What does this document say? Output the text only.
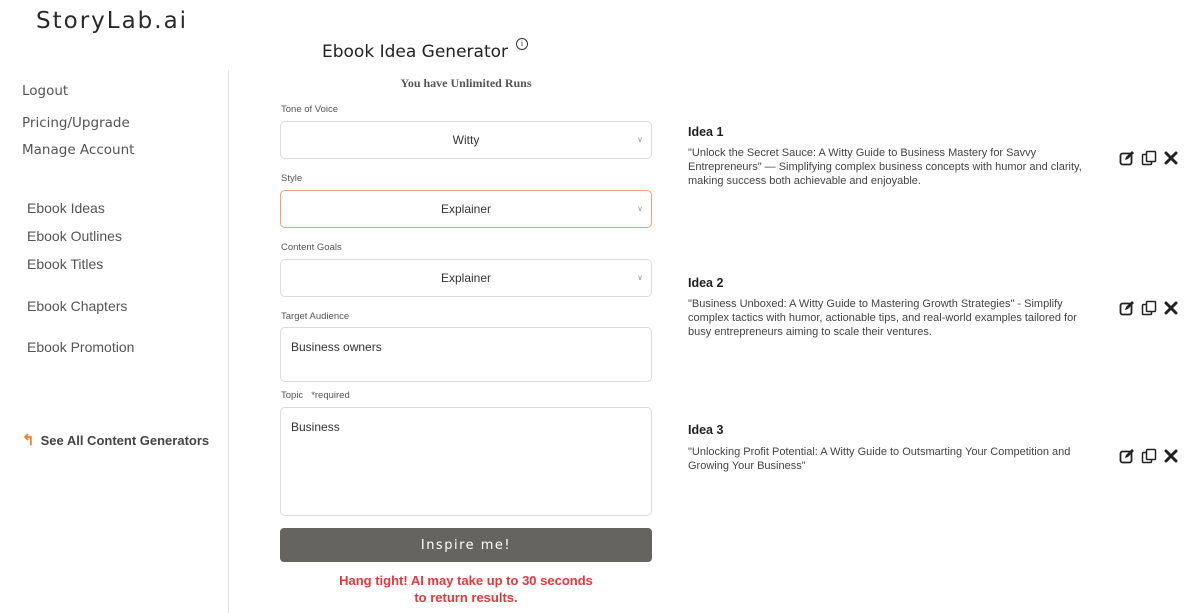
StoryLab.ai
Logout
Pricing/Upgrade
Manage Account
Ebook Ideas
Ebook Outlines
Ebook Titles
Ebook Chapters
Ebook Promotion
↰ See All Content Generators
Ebook Idea Generator	i
You have Unlimited Runs
Tone of Voice
Witty	∨
Style
Explainer	∨
Content Goals
Explainer	∨
Target Audience
Business owners
Topic *required
Business
Inspire me!
Hang tight! AI may take up to 30 seconds
to return results.
Idea 1
"Unlock the Secret Sauce: A Witty Guide to Business Mastery for Savvy Entrepreneurs" — Simplifying complex business concepts with humor and clarity, making success both achievable and enjoyable.
Idea 2
"Business Unboxed: A Witty Guide to Mastering Growth Strategies" - Simplify complex tactics with humor, actionable tips, and real-world examples tailored for busy entrepreneurs aiming to scale their ventures.
Idea 3
"Unlocking Profit Potential: A Witty Guide to Outsmarting Your Competition and Growing Your Business"
